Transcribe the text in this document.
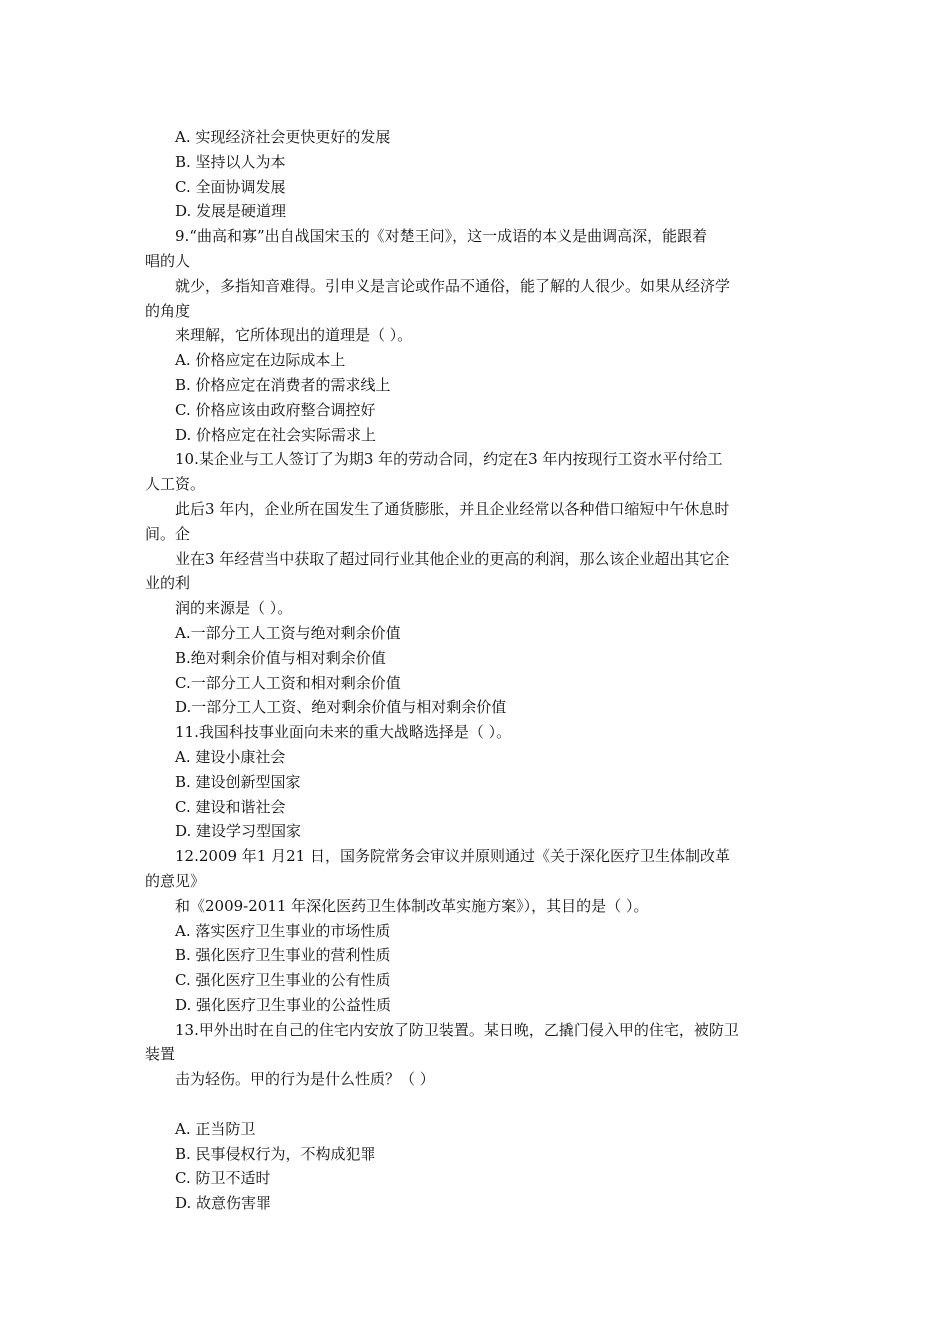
A. 实现经济社会更快更好的发展
B. 坚持以人为本
C. 全面协调发展
D. 发展是硬道理
9.“曲高和寡”出自战国宋玉的《对楚王问》，这一成语的本义是曲调高深，能跟着
唱的人
就少，多指知音难得。引申义是言论或作品不通俗，能了解的人很少。如果从经济学
的角度
来理解，它所体现出的道理是（ ）。
A. 价格应定在边际成本上
B. 价格应定在消费者的需求线上
C. 价格应该由政府整合调控好
D. 价格应定在社会实际需求上
10.某企业与工人签订了为期3 年的劳动合同，约定在3 年内按现行工资水平付给工
人工资。
此后3 年内，企业所在国发生了通货膨胀，并且企业经常以各种借口缩短中午休息时
间。企
业在3 年经营当中获取了超过同行业其他企业的更高的利润，那么该企业超出其它企
业的利
润的来源是（ ）。
A.一部分工人工资与绝对剩余价值
B.绝对剩余价值与相对剩余价值
C.一部分工人工资和相对剩余价值
D.一部分工人工资、绝对剩余价值与相对剩余价值
11.我国科技事业面向未来的重大战略选择是（ ）。
A. 建设小康社会
B. 建设创新型国家
C. 建设和谐社会
D. 建设学习型国家
12.2009 年1 月21 日，国务院常务会审议并原则通过《关于深化医疗卫生体制改革
的意见》
和《2009-2011 年深化医药卫生体制改革实施方案》），其目的是（ ）。
A. 落实医疗卫生事业的市场性质
B. 强化医疗卫生事业的营利性质
C. 强化医疗卫生事业的公有性质
D. 强化医疗卫生事业的公益性质
13.甲外出时在自己的住宅内安放了防卫装置。某日晚，乙撬门侵入甲的住宅，被防卫
装置
击为轻伤。甲的行为是什么性质？（ ）
A. 正当防卫
B. 民事侵权行为，不构成犯罪
C. 防卫不适时
D. 故意伤害罪
